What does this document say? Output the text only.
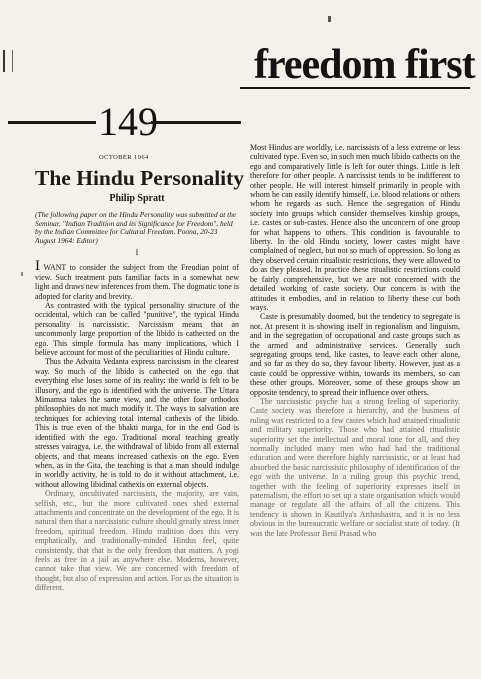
freedom first
149
OCTOBER 1964
The Hindu Personality
Philip Spratt
(The following paper on the Hindu Personality was submitted at the Seminar, "Indian Tradition and its Significance for Freedom", held by the Indian Committee for Cultural Freedom, Poona, 20-23 August 1964: Editor)
I

I WANT to consider the subject from the Freudian point of view. Such treatment puts familiar facts in a somewhat new light and draws new inferences from them. The dogmatic tone is adopted for clarity and brevity.

As contrasted with the typical personality structure of the occidental, which can be called "punitive", the typical Hindu personality is narcissistic. Narcissism means that an uncommonly large proportion of the libido is cathected on the ego. This simple formula has many implications, which I believe account for most of the peculiarities of Hindu culture.

Thus the Advaita Vedanta express narcissism in the clearest way. So much of the libido is cathected on the ego that everything else loses some of its reality: the world is felt to be illusory, and the ego is identified with the universe. The Uttara Mimamsa takes the same view, and the other four orthodox philosophies do not much modify it. The ways to salvation are techniques for achieving total internal cathexis of the libido. This is true even of the bhakti marga, for in the end God is identified with the ego. Traditional moral teaching greatly stresses vairagya, i.e. the withdrawal of libido from all external objects, and that means increased cathexis on the ego. Even when, as in the Gita, the teaching is that a man should indulge in worldly activity, he is told to do it without attachment, i.e. without allowing libidinal cathexis on external objects.

Ordinary, uncultivated narcissists, the majority, are vain, selfish, etc., but the more cultivated ones shed external attachments and concentrate on the development of the ego. It is natural then that a narcissistic culture should greatly stress inner freedom, spiritual freedom. Hindu tradition does this very emphatically, and traditionally-minded Hindus feel, quite consistently, that that is the only freedom that matters. A yogi feels as free in a jail as anywhere else. Moderns, however, cannot take that view. We are concerned with freedom of thought, but also of expression and action. For us the situation is different.

Most Hindus are worldly, i.e. narcissists of a less extreme or less cultivated type. Even so, in such men much libido cathects on the ego and comparatively little is left for outer things. Little is left therefore for other people. A narcissist tends to be indifferent to other people. He will interest himself primarily in people with whom he can easily identify himself, i.e. blood relations or others whom he regards as such. Hence the segregation of Hindu society into groups which consider themselves kinship groups, i.e. castes or sub-castes. Hence also the unconcern of one group for what happens to others. This condition is favourable to liberty. In the old Hindu society, lower castes might have complained of neglect, but not so much of oppression. So long as they observed certain ritualistic restrictions, they were allowed to do as they pleased. In practice these ritualistic restrictions could be fairly comprehensive, but we are not concerned with the detailed working of caste society. Our concern is with the attitudes it embodies, and in relation to liberty these cut both ways.

Caste is presumably doomed, but the tendency to segregate is not. At present it is showing itself in regionalism and linguism, and in the segregation of occupational and caste groups such as the armed and administrative services. Generally such segregating groups tend, like castes, to leave each other alone, and so far as they do so, they favour liberty. However, just as a caste could be oppressive within, towards its members, so can these other groups. Moreover, some of these groups show an opposite tendency, to spread their influence over others.

The narcissistic psyche has a strong feeling of superiority. Caste society was therefore a hierarchy, and the business of ruling was restricted to a few castes which had attained ritualistic and military superiority. Those who had attained ritualistic superiority set the intellectual and moral tone for all, and they normally included many men who had had the traditional education and were therefore highly narcissistic, or at least had absorbed the basic narcissistic philosophy of identification of the ego with the universe. In a ruling group this psychic trend, together with the feeling of superiority expresses itself in paternalism, the effort to set up a state organisation which would manage or regulate all the affairs of all the citizens. This tendency is shown in Kautilya's Arthashastra, and it is no less obvious in the bureaucratic welfare or socialist state of today. (It was the late Professor Beni Prasad who
